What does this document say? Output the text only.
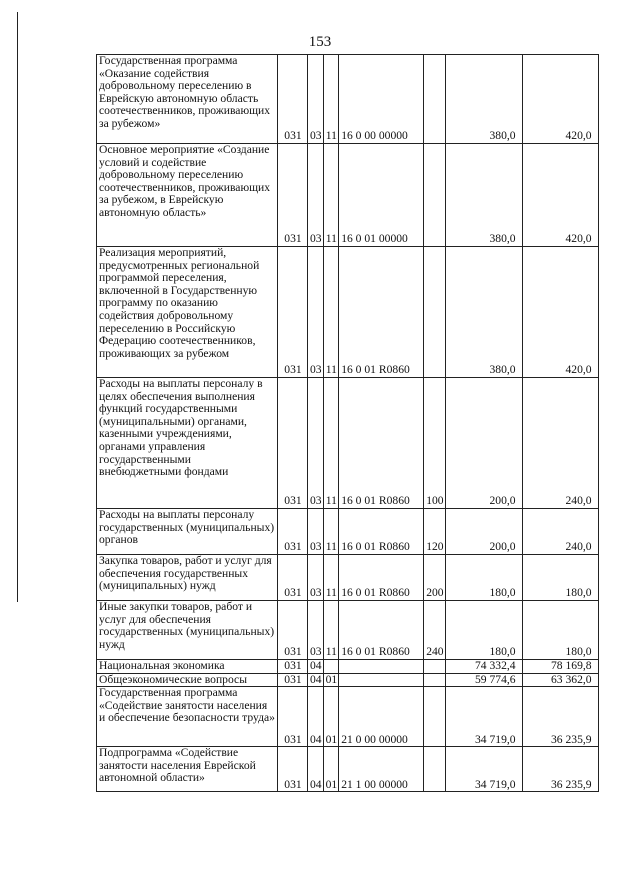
153
Государственная программа «Оказание содействия добровольному переселению в Еврейскую автономную область соотечественников, проживающих за рубежом»	031	03	11	16 0 00 00000		380,0	420,0
Основное мероприятие «Создание условий и содействие добровольному переселению соотечественников, проживающих за рубежом, в Еврейскую автономную область»	031	03	11	16 0 01 00000		380,0	420,0
Реализация мероприятий, предусмотренных региональной программой переселения, включенной в Государственную программу по оказанию содействия добровольному переселению в Российскую Федерацию соотечественников, проживающих за рубежом	031	03	11	16 0 01 R0860		380,0	420,0
Расходы на выплаты персоналу в целях обеспечения выполнения функций государственными (муниципальными) органами, казенными учреждениями, органами управления государственными внебюджетными фондами	031	03	11	16 0 01 R0860	100	200,0	240,0
Расходы на выплаты персоналу государственных (муниципальных) органов	031	03	11	16 0 01 R0860	120	200,0	240,0
Закупка товаров, работ и услуг для обеспечения государственных (муниципальных) нужд	031	03	11	16 0 01 R0860	200	180,0	180,0
Иные закупки товаров, работ и услуг для обеспечения государственных (муниципальных) нужд	031	03	11	16 0 01 R0860	240	180,0	180,0
Национальная экономика	031	04				74 332,4	78 169,8
Общеэкономические вопросы	031	04	01			59 774,6	63 362,0
Государственная программа «Содействие занятости населения и обеспечение безопасности труда»	031	04	01	21 0 00 00000		34 719,0	36 235,9
Подпрограмма «Содействие занятости населения Еврейской автономной области»	031	04	01	21 1 00 00000		34 719,0	36 235,9
